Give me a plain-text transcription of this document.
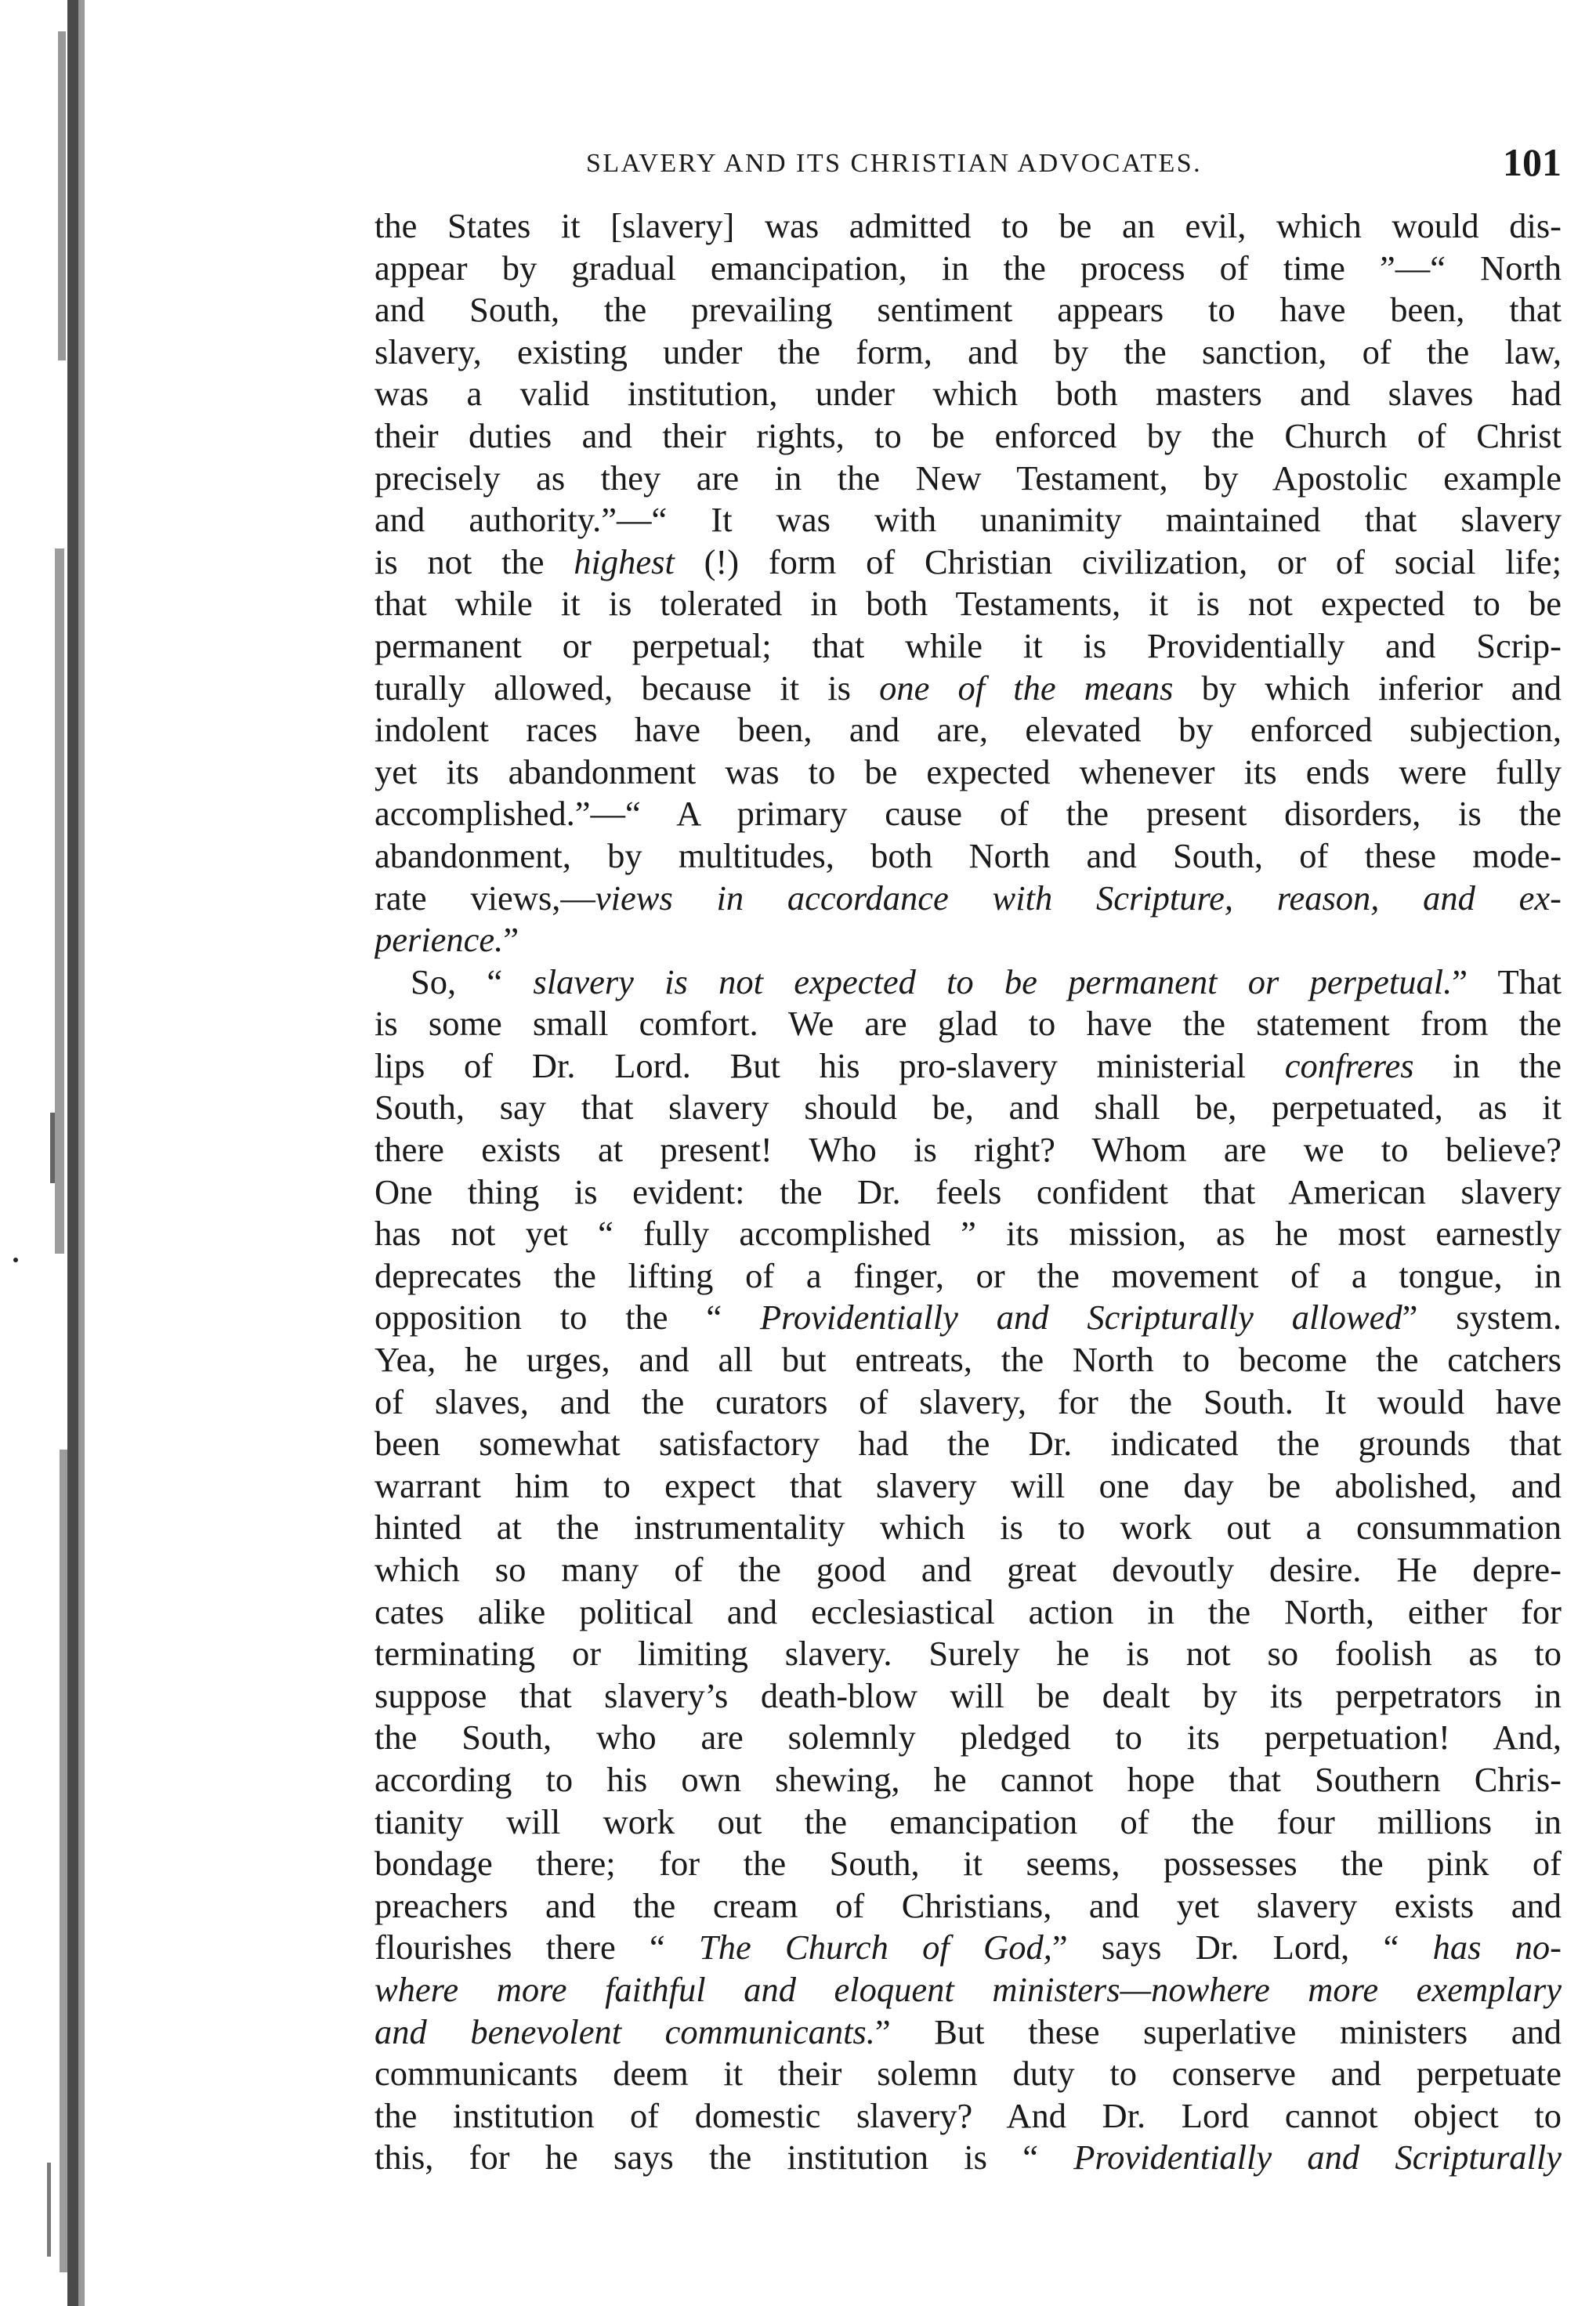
SLAVERY AND ITS CHRISTIAN ADVOCATES.	101
the States it [slavery] was admitted to be an evil, which would dis-
appear by gradual emancipation, in the process of time ”—“ North
and South, the prevailing sentiment appears to have been, that
slavery, existing under the form, and by the sanction, of the law,
was a valid institution, under which both masters and slaves had
their duties and their rights, to be enforced by the Church of Christ
precisely as they are in the New Testament, by Apostolic example
and authority.”—“ It was with unanimity maintained that slavery
is not the highest (!) form of Christian civilization, or of social life;
that while it is tolerated in both Testaments, it is not expected to be
permanent or perpetual; that while it is Providentially and Scrip-
turally allowed, because it is one of the means by which inferior and
indolent races have been, and are, elevated by enforced subjection,
yet its abandonment was to be expected whenever its ends were fully
accomplished.”—“ A primary cause of the present disorders, is the
abandonment, by multitudes, both North and South, of these mode-
rate views,—views in accordance with Scripture, reason, and ex-
perience.”
So, “ slavery is not expected to be permanent or perpetual.” That
is some small comfort. We are glad to have the statement from the
lips of Dr. Lord. But his pro-slavery ministerial confreres in the
South, say that slavery should be, and shall be, perpetuated, as it
there exists at present! Who is right? Whom are we to believe?
One thing is evident: the Dr. feels confident that American slavery
has not yet “ fully accomplished ” its mission, as he most earnestly
deprecates the lifting of a finger, or the movement of a tongue, in
opposition to the “ Providentially and Scripturally allowed” system.
Yea, he urges, and all but entreats, the North to become the catchers
of slaves, and the curators of slavery, for the South. It would have
been somewhat satisfactory had the Dr. indicated the grounds that
warrant him to expect that slavery will one day be abolished, and
hinted at the instrumentality which is to work out a consummation
which so many of the good and great devoutly desire. He depre-
cates alike political and ecclesiastical action in the North, either for
terminating or limiting slavery. Surely he is not so foolish as to
suppose that slavery’s death-blow will be dealt by its perpetrators in
the South, who are solemnly pledged to its perpetuation! And,
according to his own shewing, he cannot hope that Southern Chris-
tianity will work out the emancipation of the four millions in
bondage there; for the South, it seems, possesses the pink of
preachers and the cream of Christians, and yet slavery exists and
flourishes there “ The Church of God,” says Dr. Lord, “ has no-
where more faithful and eloquent ministers—nowhere more exemplary
and benevolent communicants.” But these superlative ministers and
communicants deem it their solemn duty to conserve and perpetuate
the institution of domestic slavery? And Dr. Lord cannot object to
this, for he says the institution is “ Providentially and Scripturally
